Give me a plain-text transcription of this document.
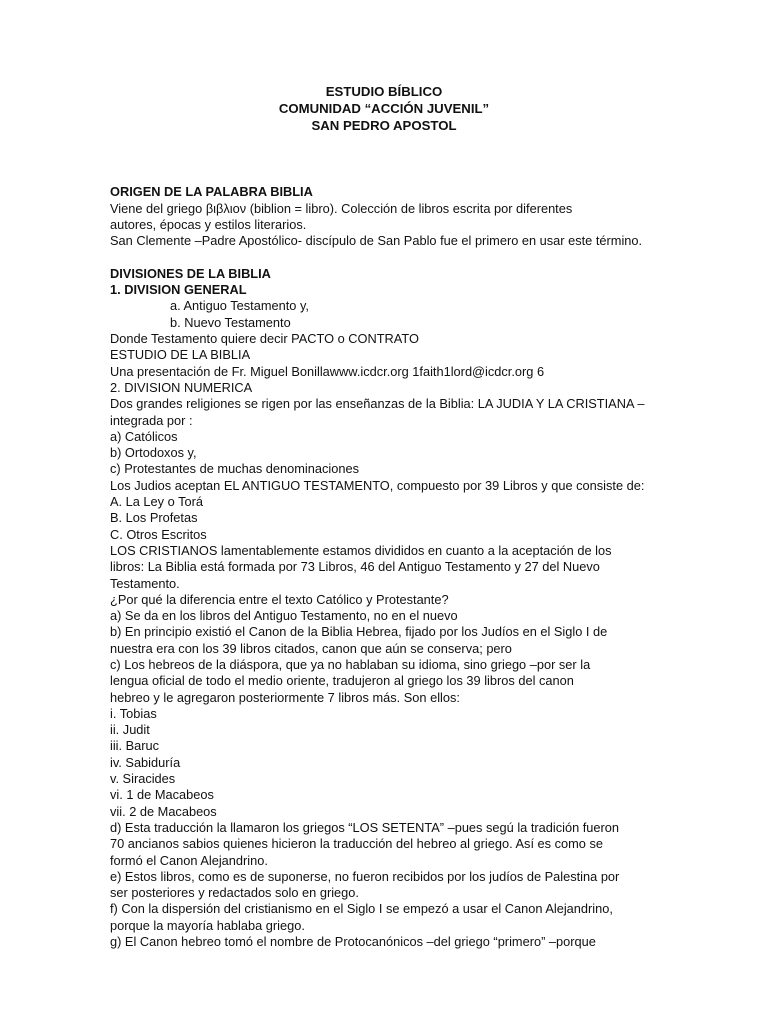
ESTUDIO BÍBLICO
COMUNIDAD “ACCIÓN JUVENIL”
SAN PEDRO APOSTOL
ORIGEN DE LA PALABRA BIBLIA
Viene del griego βιβλιον (biblion = libro). Colección de libros escrita por diferentes
autores, épocas y estilos literarios.
San Clemente –Padre Apostólico- discípulo de San Pablo fue el primero en usar este término.

DIVISIONES DE LA BIBLIA
1. DIVISION GENERAL
a. Antiguo Testamento y,
b. Nuevo Testamento
Donde Testamento quiere decir PACTO o CONTRATO
ESTUDIO DE LA BIBLIA
Una presentación de Fr. Miguel Bonillawww.icdcr.org 1faith1lord@icdcr.org 6
2. DIVISION NUMERICA
Dos grandes religiones se rigen por las enseñanzas de la Biblia: LA JUDIA Y LA CRISTIANA –
integrada por :
a) Católicos
b) Ortodoxos y,
c) Protestantes de muchas denominaciones
Los Judios aceptan EL ANTIGUO TESTAMENTO, compuesto por 39 Libros y que consiste de:
A. La Ley o Torá
B. Los Profetas
C. Otros Escritos
LOS CRISTIANOS lamentablemente estamos divididos en cuanto a la aceptación de los
libros: La Biblia está formada por 73 Libros, 46 del Antiguo Testamento y 27 del Nuevo
Testamento.
¿Por qué la diferencia entre el texto Católico y Protestante?
a) Se da en los libros del Antiguo Testamento, no en el nuevo
b) En principio existió el Canon de la Biblia Hebrea, fijado por los Judíos en el Siglo I de
nuestra era con los 39 libros citados, canon que aún se conserva; pero
c) Los hebreos de la diáspora, que ya no hablaban su idioma, sino griego –por ser la
lengua oficial de todo el medio oriente, tradujeron al griego los 39 libros del canon
hebreo y le agregaron posteriormente 7 libros más. Son ellos:
i. Tobias
ii. Judit
iii. Baruc
iv. Sabiduría
v. Siracides
vi. 1 de Macabeos
vii. 2 de Macabeos
d) Esta traducción la llamaron los griegos “LOS SETENTA” –pues segú la tradición fueron
70 ancianos sabios quienes hicieron la traducción del hebreo al griego. Así es como se
formó el Canon Alejandrino.
e) Estos libros, como es de suponerse, no fueron recibidos por los judíos de Palestina por
ser posteriores y redactados solo en griego.
f) Con la dispersión del cristianismo en el Siglo I se empezó a usar el Canon Alejandrino,
porque la mayoría hablaba griego.
g) El Canon hebreo tomó el nombre de Protocanónicos –del griego “primero” –porque
